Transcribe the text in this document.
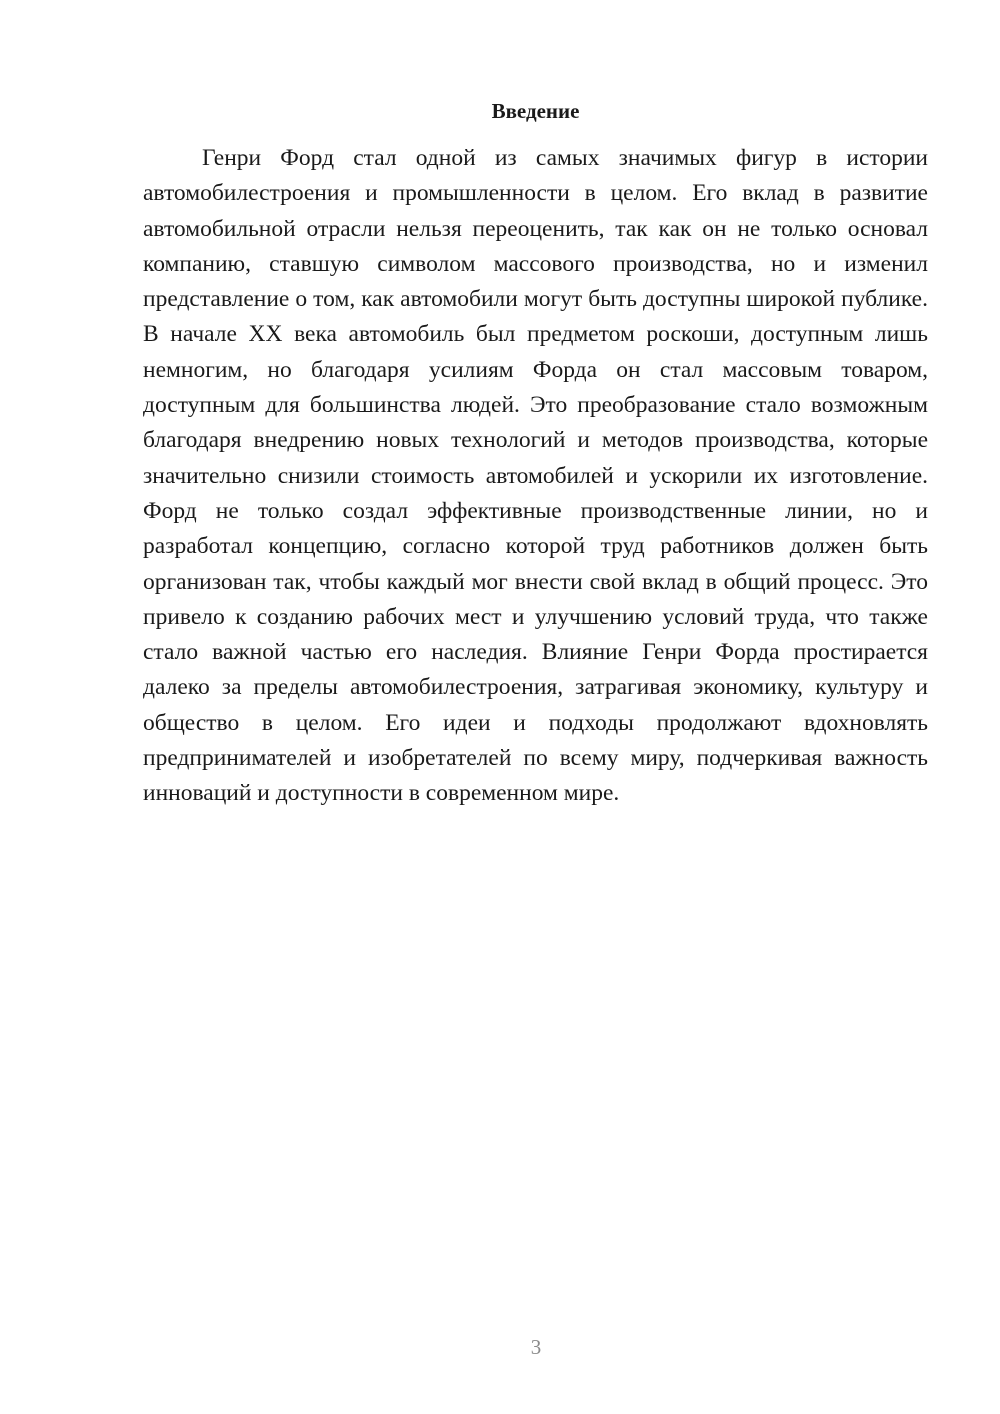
Введение

Генри Форд стал одной из самых значимых фигур в истории автомобилестроения и промышленности в целом. Его вклад в развитие автомобильной отрасли нельзя переоценить, так как он не только основал компанию, ставшую символом массового производства, но и изменил представление о том, как автомобили могут быть доступны широкой публике. В начале XX века автомобиль был предметом роскоши, доступным лишь немногим, но благодаря усилиям Форда он стал массовым товаром, доступным для большинства людей. Это преобразование стало возможным благодаря внедрению новых технологий и методов производства, которые значительно снизили стоимость автомобилей и ускорили их изготовление. Форд не только создал эффективные производственные линии, но и разработал концепцию, согласно которой труд работников должен быть организован так, чтобы каждый мог внести свой вклад в общий процесс. Это привело к созданию рабочих мест и улучшению условий труда, что также стало важной частью его наследия. Влияние Генри Форда простирается далеко за пределы автомобилестроения, затрагивая экономику, культуру и общество в целом. Его идеи и подходы продолжают вдохновлять предпринимателей и изобретателей по всему миру, подчеркивая важность инноваций и доступности в современном мире.

3
